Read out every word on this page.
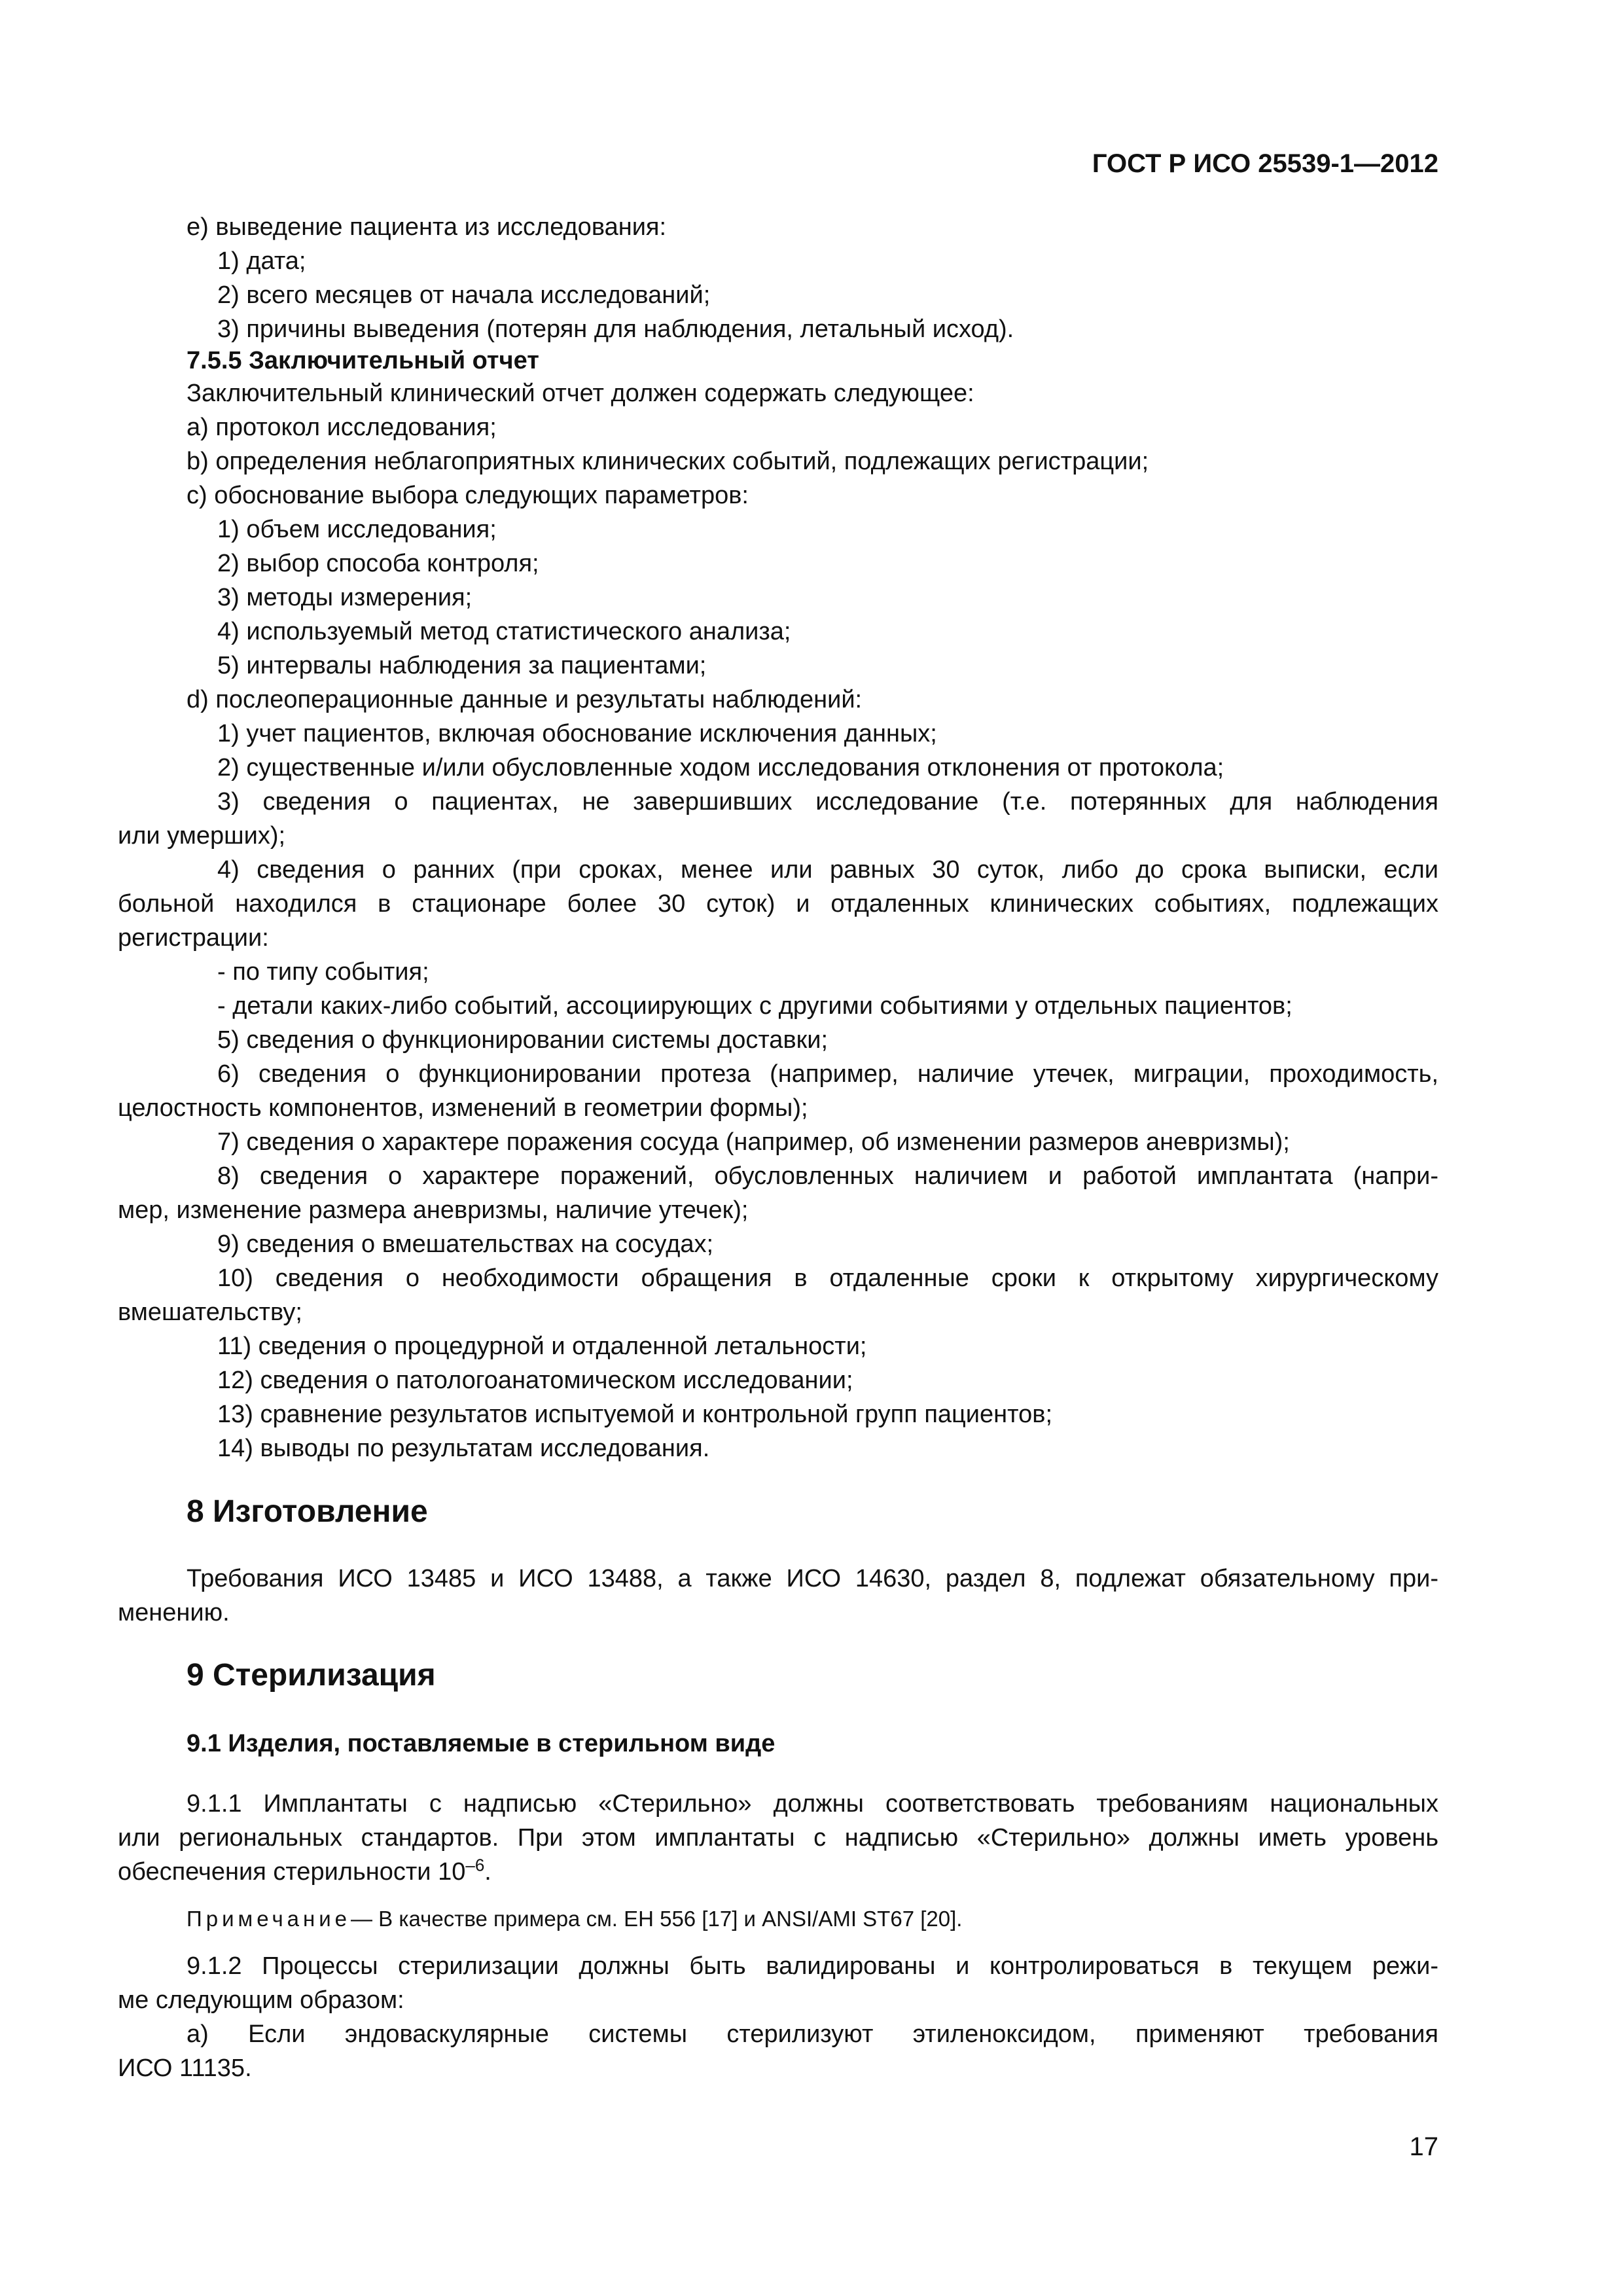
ГОСТ Р ИСО 25539-1—2012
е) выведение пациента из исследования:
1) дата;
2) всего месяцев от начала исследований;
3) причины выведения (потерян для наблюдения, летальный исход).
7.5.5 Заключительный отчет
Заключительный клинический отчет должен содержать следующее:
a) протокол исследования;
b) определения неблагоприятных клинических событий, подлежащих регистрации;
c) обоснование выбора следующих параметров:
1) объем исследования;
2) выбор способа контроля;
3) методы измерения;
4) используемый метод статистического анализа;
5) интервалы наблюдения за пациентами;
d) послеоперационные данные и результаты наблюдений:
1) учет пациентов, включая обоснование исключения данных;
2) существенные и/или обусловленные ходом исследования отклонения от протокола;
3) сведения о пациентах, не завершивших исследование (т.е. потерянных для наблюдения
или умерших);
4) сведения о ранних (при сроках, менее или равных 30 суток, либо до срока выписки, если
больной находился в стационаре более 30 суток) и отдаленных клинических событиях, подлежащих
регистрации:
- по типу события;
- детали каких-либо событий, ассоциирующих с другими событиями у отдельных пациентов;
5) сведения о функционировании системы доставки;
6) сведения о функционировании протеза (например, наличие утечек, миграции, проходимость,
целостность компонентов, изменений в геометрии формы);
7) сведения о характере поражения сосуда (например, об изменении размеров аневризмы);
8) сведения о характере поражений, обусловленных наличием и работой имплантата (напри-
мер, изменение размера аневризмы, наличие утечек);
9) сведения о вмешательствах на сосудах;
10) сведения о необходимости обращения в отдаленные сроки к открытому хирургическому
вмешательству;
11) сведения о процедурной и отдаленной летальности;
12) сведения о патологоанатомическом исследовании;
13) сравнение результатов испытуемой и контрольной групп пациентов;
14) выводы по результатам исследования.
8 Изготовление
Требования ИСО 13485 и ИСО 13488, а также ИСО 14630, раздел 8, подлежат обязательному при-
менению.
9 Стерилизация
9.1 Изделия, поставляемые в стерильном виде
9.1.1 Имплантаты с надписью «Стерильно» должны соответствовать требованиям национальных
или региональных стандартов. При этом имплантаты с надписью «Стерильно» должны иметь уровень
обеспечения стерильности $10^{-6}$.
Примечание— В качестве примера см. ЕН 556 [17] и ANSI/AMI ST67 [20].
9.1.2 Процессы стерилизации должны быть валидированы и контролироваться в текущем режи-
ме следующим образом:
а) Если эндоваскулярные системы стерилизуют этиленоксидом, применяют требования
ИСО 11135.
17
